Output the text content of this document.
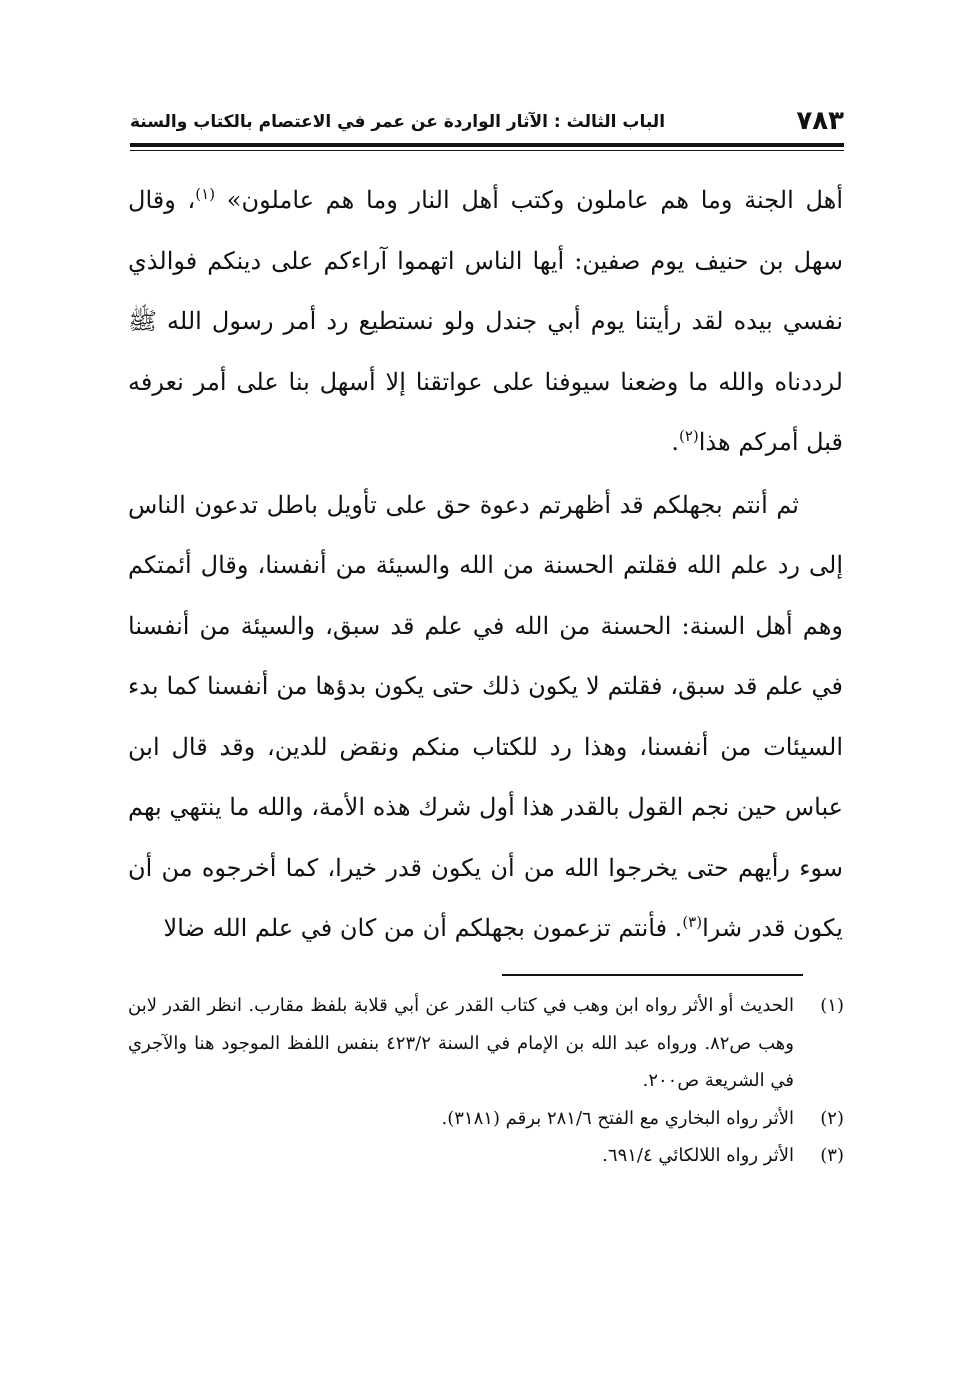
٧٨٣
الباب الثالث : الآثار الواردة عن عمر في الاعتصام بالكتاب والسنة

أهل الجنة وما هم عاملون وكتب أهل النار وما هم عاملون» $^{(١)}$، وقال سهل بن حنيف يوم صفين: أيها الناس اتهموا آراءكم على دينكم فوالذي نفسي بيده لقد رأيتنا يوم أبي جندل ولو نستطيع رد أمر رسول الله ﷺ لرددناه والله ما وضعنا سيوفنا على عواتقنا إلا أسهل بنا على أمر نعرفه قبل أمركم هذا$^{(٢)}$.

ثم أنتم بجهلكم قد أظهرتم دعوة حق على تأويل باطل تدعون الناس إلى رد علم الله فقلتم الحسنة من الله والسيئة من أنفسنا، وقال أئمتكم وهم أهل السنة: الحسنة من الله في علم قد سبق، والسيئة من أنفسنا في علم قد سبق، فقلتم لا يكون ذلك حتى يكون بدؤها من أنفسنا كما بدء السيئات من أنفسنا، وهذا رد للكتاب منكم ونقض للدين، وقد قال ابن عباس حين نجم القول بالقدر هذا أول شرك هذه الأمة، والله ما ينتهي بهم سوء رأيهم حتى يخرجوا الله من أن يكون قدر خيرا، كما أخرجوه من أن يكون قدر شرا$^{(٣)}$. فأنتم تزعمون بجهلكم أن من كان في علم الله ضالا

(١)
الحديث أو الأثر رواه ابن وهب في كتاب القدر عن أبي قلابة بلفظ مقارب. انظر القدر لابن وهب ص٨٢. ورواه عبد الله بن الإمام في السنة ٤٢٣/٢ بنفس اللفظ الموجود هنا والآجري في الشريعة ص٢٠٠.
(٢)
الأثر رواه البخاري مع الفتح ٢٨١/٦ برقم (٣١٨١).
(٣)
الأثر رواه اللالكائي ٦٩١/٤.
